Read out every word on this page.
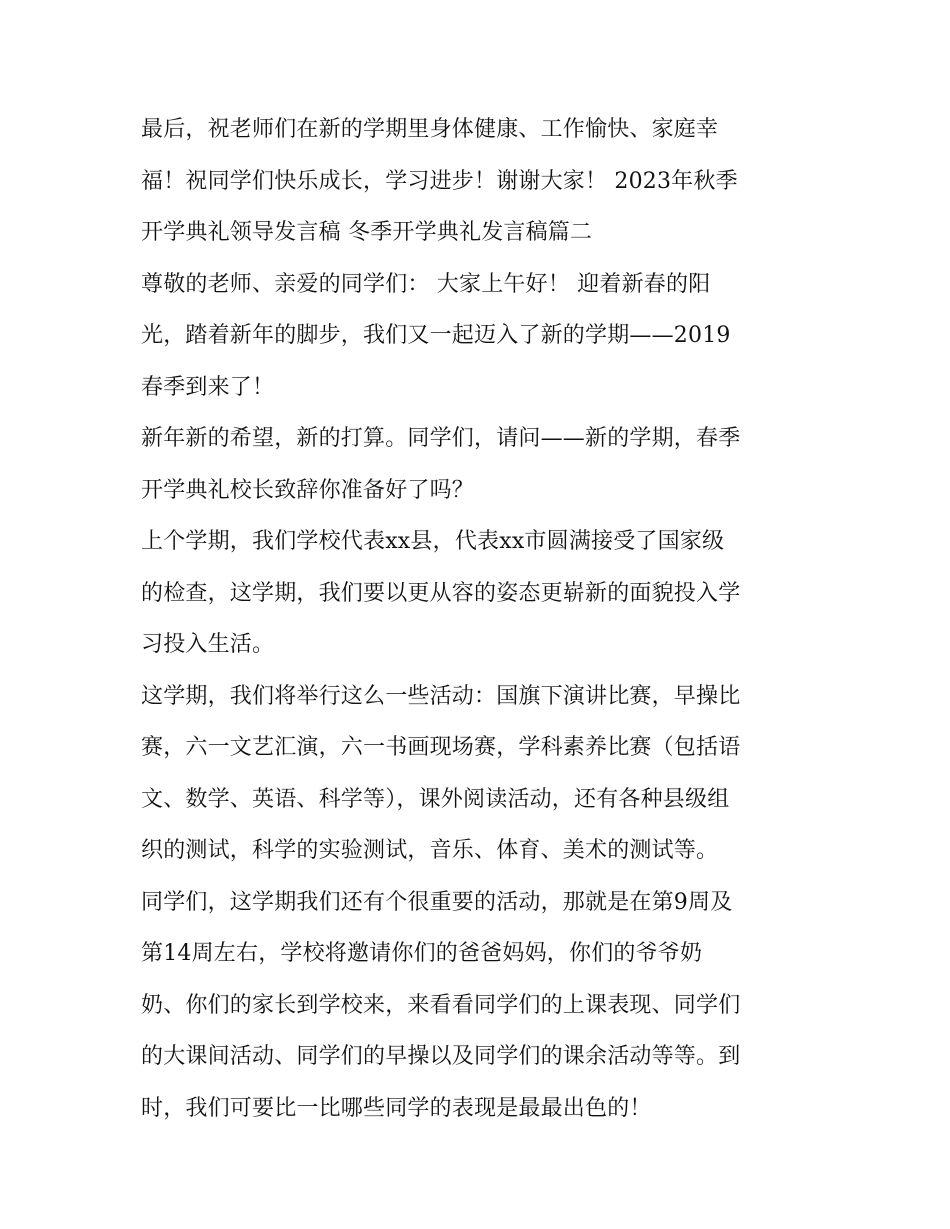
最后，祝老师们在新的学期里身体健康、工作愉快、家庭幸
福！祝同学们快乐成长，学习进步！谢谢大家！ 2023年秋季
开学典礼领导发言稿 冬季开学典礼发言稿篇二
尊敬的老师、亲爱的同学们： 大家上午好！ 迎着新春的阳
光，踏着新年的脚步，我们又一起迈入了新的学期——2019
春季到来了！
新年新的希望，新的打算。同学们，请问——新的学期，春季
开学典礼校长致辞你准备好了吗？
上个学期，我们学校代表xx县，代表xx市圆满接受了国家级
的检查，这学期，我们要以更从容的姿态更崭新的面貌投入学
习投入生活。
这学期，我们将举行这么一些活动：国旗下演讲比赛，早操比
赛，六一文艺汇演，六一书画现场赛，学科素养比赛（包括语
文、数学、英语、科学等），课外阅读活动，还有各种县级组
织的测试，科学的实验测试，音乐、体育、美术的测试等。
同学们，这学期我们还有个很重要的活动，那就是在第9周及
第14周左右，学校将邀请你们的爸爸妈妈，你们的爷爷奶
奶、你们的家长到学校来，来看看同学们的上课表现、同学们
的大课间活动、同学们的早操以及同学们的课余活动等等。到
时，我们可要比一比哪些同学的表现是最最出色的！
